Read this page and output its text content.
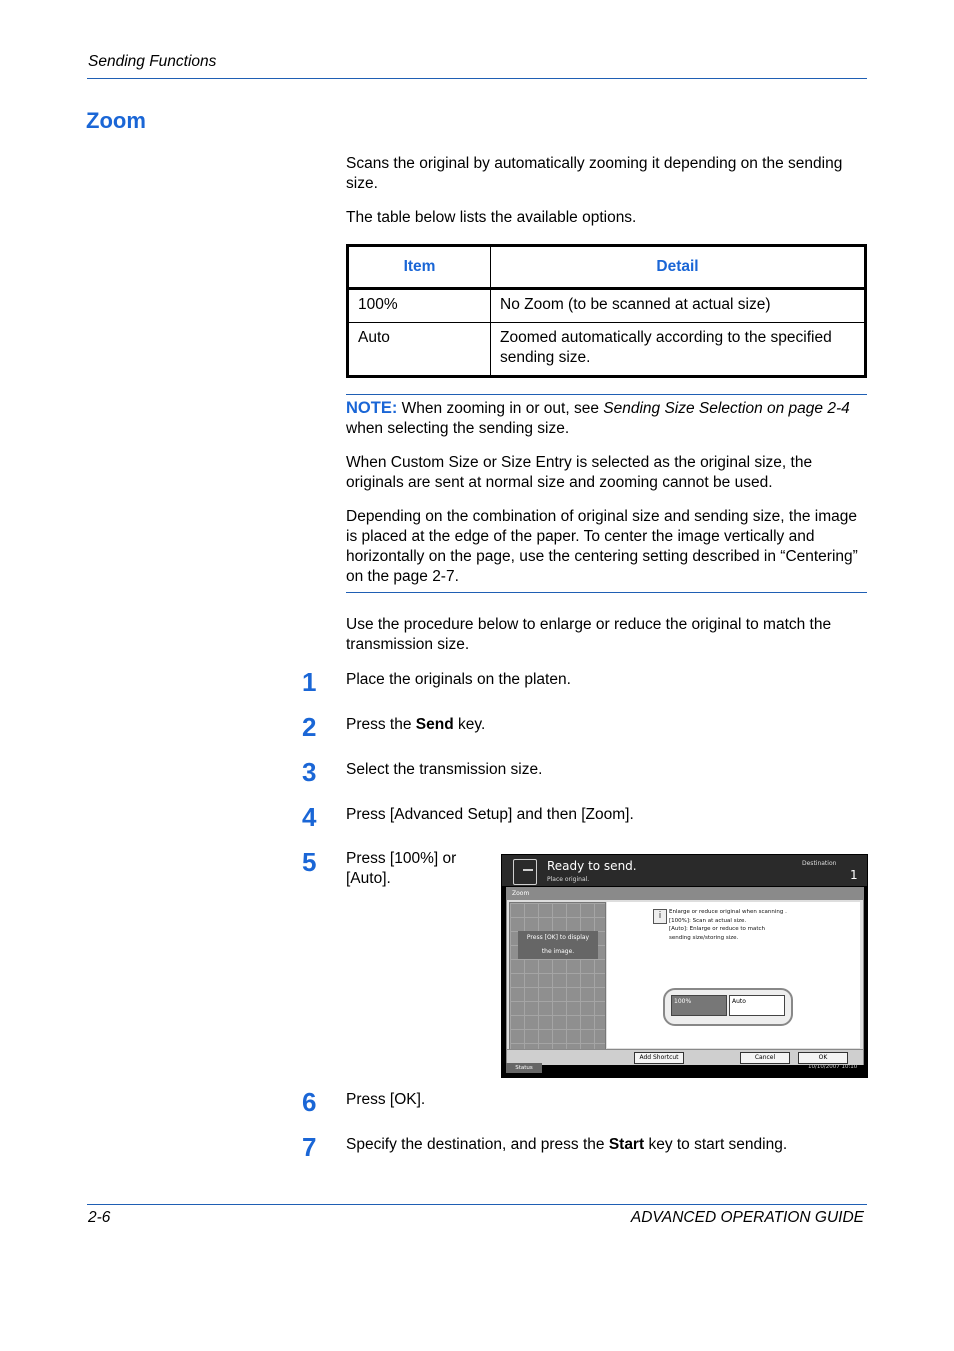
Sending Functions
Zoom
Scans the original by automatically zooming it depending on the sending size.
The table below lists the available options.
Item	Detail
100%	No Zoom (to be scanned at actual size)
Auto	Zoomed automatically according to the specified sending size.
NOTE: When zooming in or out, see Sending Size Selection on page 2-4 when selecting the sending size.
When Custom Size or Size Entry is selected as the original size, the originals are sent at normal size and zooming cannot be used.
Depending on the combination of original size and sending size, the image is placed at the edge of the paper. To center the image vertically and horizontally on the page, use the centering setting described in “Centering” on the page 2-7.
Use the procedure below to enlarge or reduce the original to match the transmission size.
1	Place the originals on the platen.
2	Press the Send key.
3	Select the transmission size.
4	Press [Advanced Setup] and then [Zoom].
5	Press [100%] or [Auto].
Ready to send.
Place original.
Destination
1
Zoom
Press [OK] to display
the image.
i	Enlarge or reduce original when scanning .
[100%]: Scan at actual size.
[Auto]: Enlarge or reduce to match
sending size/storing size.
100%	Auto
Add Shortcut	Cancel	OK
Status	10/10/2007 10:10
6	Press [OK].
7	Specify the destination, and press the Start key to start sending.
2-6	ADVANCED OPERATION GUIDE
